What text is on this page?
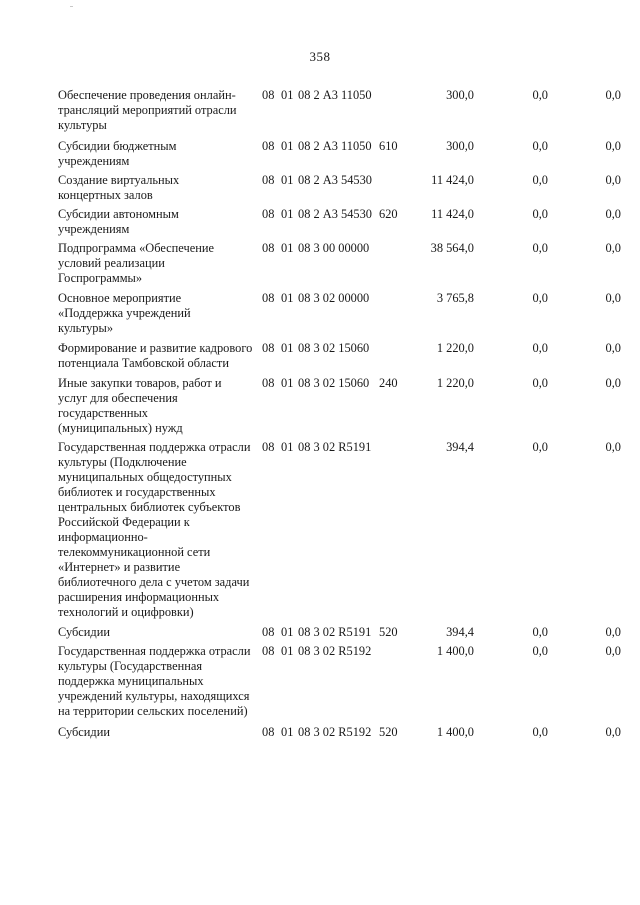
358
Обеспечение проведения онлайн-трансляций мероприятий отрасли культуры
08 01 08 2 А3 11050	300,0	0,0	0,0
Субсидии бюджетным учреждениям
08 01 08 2 А3 11050 610	300,0	0,0	0,0
Создание виртуальных концертных залов
08 01 08 2 А3 54530	11 424,0	0,0	0,0
Субсидии автономным учреждениям
08 01 08 2 А3 54530 620	11 424,0	0,0	0,0
Подпрограмма «Обеспечение условий реализации Госпрограммы»
08 01 08 3 00 00000	38 564,0	0,0	0,0
Основное мероприятие «Поддержка учреждений культуры»
08 01 08 3 02 00000	3 765,8	0,0	0,0
Формирование и развитие кадрового потенциала Тамбовской области
08 01 08 3 02 15060	1 220,0	0,0	0,0
Иные закупки товаров, работ и услуг для обеспечения государственных (муниципальных) нужд
08 01 08 3 02 15060 240	1 220,0	0,0	0,0
Государственная поддержка отрасли культуры (Подключение муниципальных общедоступных библиотек и государственных центральных библиотек субъектов Российской Федерации к информационно-телекоммуникационной сети «Интернет» и развитие библиотечного дела с учетом задачи расширения информационных технологий и оцифровки)
08 01 08 3 02 R5191	394,4	0,0	0,0
Субсидии	08 01 08 3 02 R5191 520	394,4	0,0	0,0
Государственная поддержка отрасли культуры (Государственная поддержка муниципальных учреждений культуры, находящихся на территории сельских поселений)
08 01 08 3 02 R5192	1 400,0	0,0	0,0
Субсидии	08 01 08 3 02 R5192 520	1 400,0	0,0	0,0
